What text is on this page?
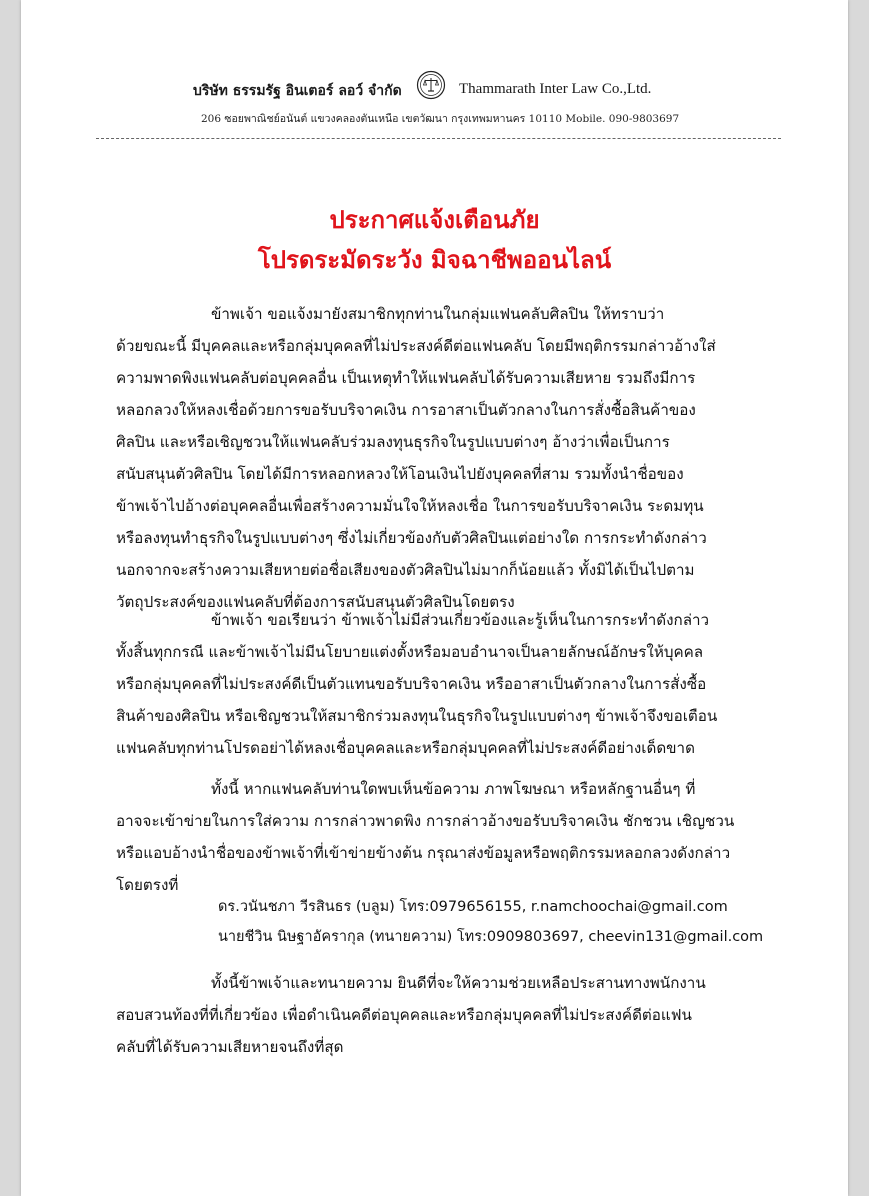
บริษัท ธรรมรัฐ อินเตอร์ ลอว์ จำกัด	Thammarath Inter Law Co.,Ltd.
206 ซอยพาณิชย์อนันต์ แขวงคลองตันเหนือ เขตวัฒนา กรุงเทพมหานคร 10110 Mobile. 090-9803697
ประกาศแจ้งเตือนภัย
โปรดระมัดระวัง มิจฉาชีพออนไลน์
ข้าพเจ้า ขอแจ้งมายังสมาชิกทุกท่านในกลุ่มแฟนคลับศิลปิน ให้ทราบว่า
ด้วยขณะนี้ มีบุคคลและหรือกลุ่มบุคคลที่ไม่ประสงค์ดีต่อแฟนคลับ โดยมีพฤติกรรมกล่าวอ้างใส่
ความพาดพิงแฟนคลับต่อบุคคลอื่น เป็นเหตุทำให้แฟนคลับได้รับความเสียหาย รวมถึงมีการ
หลอกลวงให้หลงเชื่อด้วยการขอรับบริจาคเงิน การอาสาเป็นตัวกลางในการสั่งซื้อสินค้าของ
ศิลปิน และหรือเชิญชวนให้แฟนคลับร่วมลงทุนธุรกิจในรูปแบบต่างๆ อ้างว่าเพื่อเป็นการ
สนับสนุนตัวศิลปิน โดยได้มีการหลอกหลวงให้โอนเงินไปยังบุคคลที่สาม รวมทั้งนำชื่อของ
ข้าพเจ้าไปอ้างต่อบุคคลอื่นเพื่อสร้างความมั่นใจให้หลงเชื่อ ในการขอรับบริจาคเงิน ระดมทุน
หรือลงทุนทำธุรกิจในรูปแบบต่างๆ ซึ่งไม่เกี่ยวข้องกับตัวศิลปินแต่อย่างใด การกระทำดังกล่าว
นอกจากจะสร้างความเสียหายต่อชื่อเสียงของตัวศิลปินไม่มากก็น้อยแล้ว ทั้งมิได้เป็นไปตาม
วัตถุประสงค์ของแฟนคลับที่ต้องการสนับสนุนตัวศิลปินโดยตรง
ข้าพเจ้า ขอเรียนว่า ข้าพเจ้าไม่มีส่วนเกี่ยวข้องและรู้เห็นในการกระทำดังกล่าว
ทั้งสิ้นทุกกรณี และข้าพเจ้าไม่มีนโยบายแต่งตั้งหรือมอบอำนาจเป็นลายลักษณ์อักษรให้บุคคล
หรือกลุ่มบุคคลที่ไม่ประสงค์ดีเป็นตัวแทนขอรับบริจาคเงิน หรืออาสาเป็นตัวกลางในการสั่งซื้อ
สินค้าของศิลปิน หรือเชิญชวนให้สมาชิกร่วมลงทุนในธุรกิจในรูปแบบต่างๆ ข้าพเจ้าจึงขอเตือน
แฟนคลับทุกท่านโปรดอย่าได้หลงเชื่อบุคคลและหรือกลุ่มบุคคลที่ไม่ประสงค์ดีอย่างเด็ดขาด
ทั้งนี้ หากแฟนคลับท่านใดพบเห็นข้อความ ภาพโฆษณา หรือหลักฐานอื่นๆ ที่
อาจจะเข้าข่ายในการใส่ความ การกล่าวพาดพิง การกล่าวอ้างขอรับบริจาคเงิน ชักชวน เชิญชวน
หรือแอบอ้างนำชื่อของข้าพเจ้าที่เข้าข่ายข้างต้น กรุณาส่งข้อมูลหรือพฤติกรรมหลอกลวงดังกล่าว
โดยตรงที่
ดร.วนันชภา วีรสินธร (บลูม) โทร:0979656155, r.namchoochai@gmail.com
นายชีวิน นิษฐาอัครากุล (ทนายความ) โทร:0909803697, cheevin131@gmail.com
ทั้งนี้ข้าพเจ้าและทนายความ ยินดีที่จะให้ความช่วยเหลือประสานทางพนักงาน
สอบสวนท้องที่ที่เกี่ยวข้อง เพื่อดำเนินคดีต่อบุคคลและหรือกลุ่มบุคคลที่ไม่ประสงค์ดีต่อแฟน
คลับที่ได้รับความเสียหายจนถึงที่สุด
